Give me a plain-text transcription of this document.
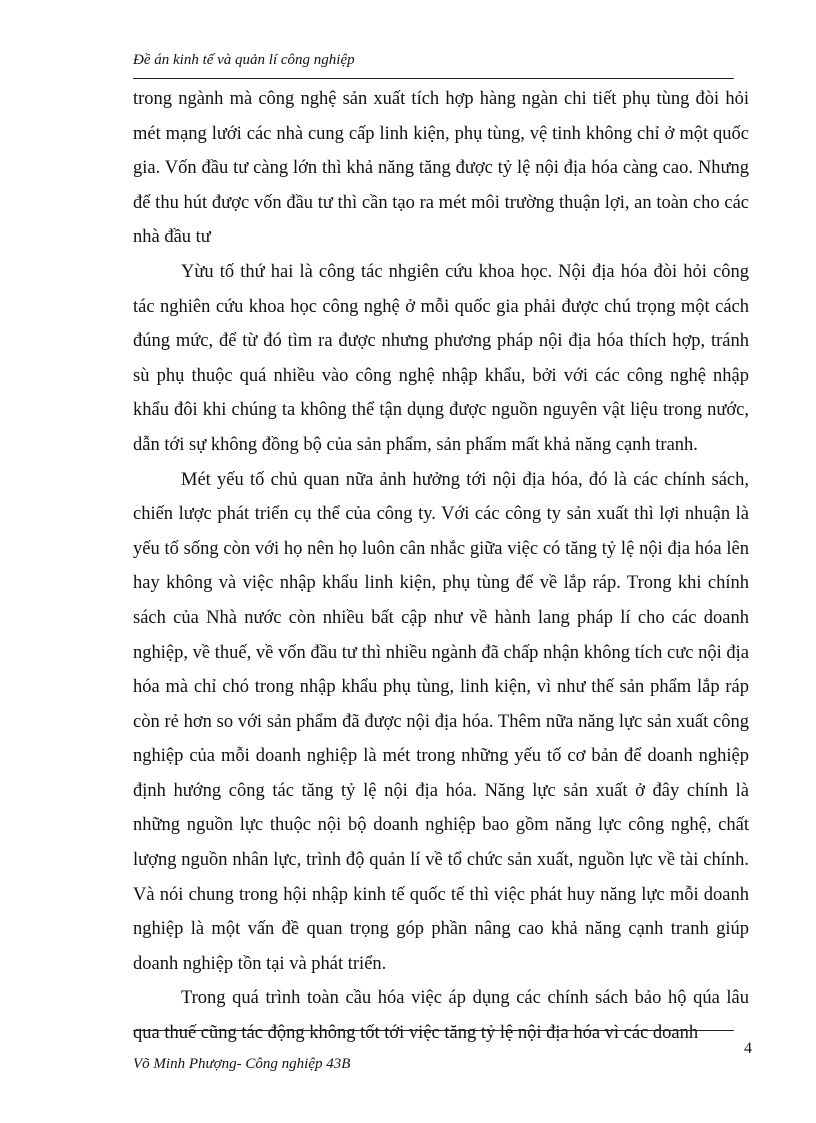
Đề án kinh tế và quản lí công nghiệp

trong ngành mà công nghệ sản xuất tích hợp hàng ngàn chi tiết phụ tùng đòi hỏi mét mạng lưới các nhà cung cấp linh kiện, phụ tùng, vệ tinh không chỉ ở một quốc gia. Vốn đầu tư càng lớn thì khả năng tăng được tỷ lệ nội địa hóa càng cao. Nhưng để thu hút được vốn đầu tư thì cần tạo ra mét môi trường thuận lợi, an toàn cho các nhà đầu tư

Yừu tố thứ hai là công tác nhgiên cứu khoa học. Nội địa hóa đòi hỏi công tác nghiên cứu khoa học công nghệ ở mỗi quốc gia phải được chú trọng một cách đúng mức, để từ đó tìm ra được nhưng phương pháp nội địa hóa thích hợp, tránh sù phụ thuộc quá nhiều vào công nghệ nhập khẩu, bởi với các công nghệ nhập khẩu đôi khi chúng ta không thể tận dụng được nguồn nguyên vật liệu trong nước, dẫn tới sự không đồng bộ của sản phẩm, sản phẩm mất khả năng cạnh tranh.

Mét yếu tố chủ quan nữa ảnh hưởng tới nội địa hóa, đó là các chính sách, chiến lược phát triển cụ thể của công ty. Với các công ty sản xuất thì lợi nhuận là yếu tố sống còn với họ nên họ luôn cân nhắc giữa việc có tăng tỷ lệ nội địa hóa lên hay không và việc nhập khẩu linh kiện, phụ tùng để về lắp ráp. Trong khi chính sách của Nhà nước còn nhiều bất cập như về hành lang pháp lí cho các doanh nghiệp, về thuế, về vốn đầu tư thì nhiều ngành đã chấp nhận không tích cưc nội địa hóa mà chỉ chó trong nhập khẩu phụ tùng, linh kiện, vì như thế sản phẩm lắp ráp còn rẻ hơn so với sản phẩm đã được nội địa hóa. Thêm nữa năng lực sản xuất công nghiệp của mỗi doanh nghiệp là mét trong những yếu tố cơ bản để doanh nghiệp định hướng công tác tăng tỷ lệ nội địa hóa. Năng lực sản xuất ở đây chính là những nguồn lực thuộc nội bộ doanh nghiệp bao gồm năng lực công nghệ, chất lượng nguồn nhân lực, trình độ quản lí về tổ chức sản xuất, nguồn lực về tài chính. Và nói chung trong hội nhập kinh tế quốc tế thì việc phát huy năng lực mỗi doanh nghiệp là một vấn đề quan trọng góp phần nâng cao khả năng cạnh tranh giúp doanh nghiệp tồn tại và phát triển.

Trong quá trình toàn cầu hóa việc áp dụng các chính sách bảo hộ qúa lâu qua thuế cũng tác động không tốt tới việc tăng tỷ lệ nội địa hóa vì các doanh

4
Võ Minh Phượng- Công nghiệp 43B
